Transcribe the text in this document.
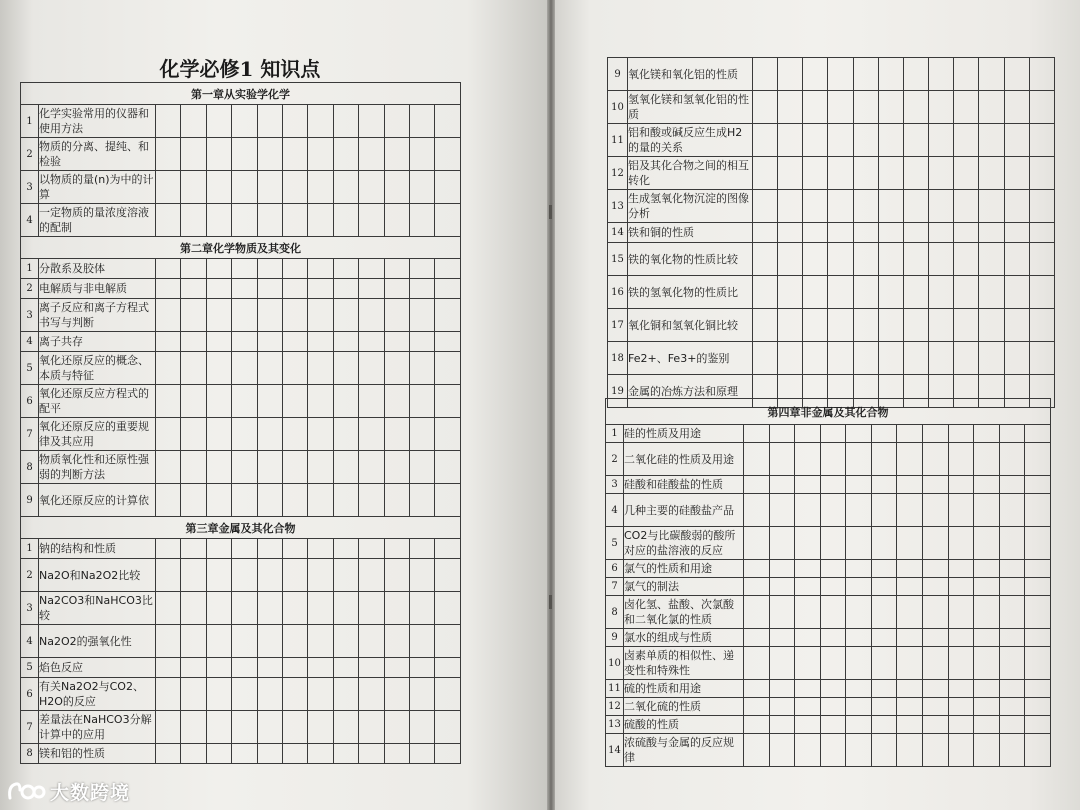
化学必修1 知识点
第一章从实验学化学													
1	化学实验常用的仪器和使用方法												
2	物质的分离、提纯、和检验												
3	以物质的量(n)为中的计算												
4	一定物质的量浓度溶液的配制												
第二章化学物质及其变化													
1	分散系及胶体												
2	电解质与非电解质												
3	离子反应和离子方程式书写与判断												
4	离子共存												
5	氧化还原反应的概念、本质与特征												
6	氧化还原反应方程式的配平												
7	氧化还原反应的重要规律及其应用												
8	物质氧化性和还原性强弱的判断方法												
9	氧化还原反应的计算依												
第三章金属及其化合物													
1	钠的结构和性质												
2	Na2O和Na2O2比较												
3	Na2CO3和NaHCO3比较												
4	Na2O2的强氧化性												
5	焰色反应												
6	有关Na2O2与CO2、H2O的反应												
7	差量法在NaHCO3分解计算中的应用												
8	镁和铝的性质												
9	氧化镁和氧化铝的性质												
10	氢氧化镁和氢氧化铝的性质												
11	铝和酸或碱反应生成H2的量的关系												
12	铝及其化合物之间的相互转化												
13	生成氢氧化物沉淀的图像分析												
14	铁和铜的性质												
15	铁的氧化物的性质比较												
16	铁的氢氧化物的性质比												
17	氧化铜和氢氧化铜比较												
18	Fe2+、Fe3+的鉴别												
19	金属的冶炼方法和原理												
第四章非金属及其化合物													
1	硅的性质及用途												
2	二氧化硅的性质及用途												
3	硅酸和硅酸盐的性质												
4	几种主要的硅酸盐产品												
5	CO2与比碳酸弱的酸所对应的盐溶液的反应												
6	氯气的性质和用途												
7	氯气的制法												
8	卤化氢、盐酸、次氯酸和二氧化氯的性质												
9	氯水的组成与性质												
10	卤素单质的相似性、递变性和特殊性												
11	硫的性质和用途												
12	二氧化硫的性质												
13	硫酸的性质												
14	浓硫酸与金属的反应规律												
大数跨境
